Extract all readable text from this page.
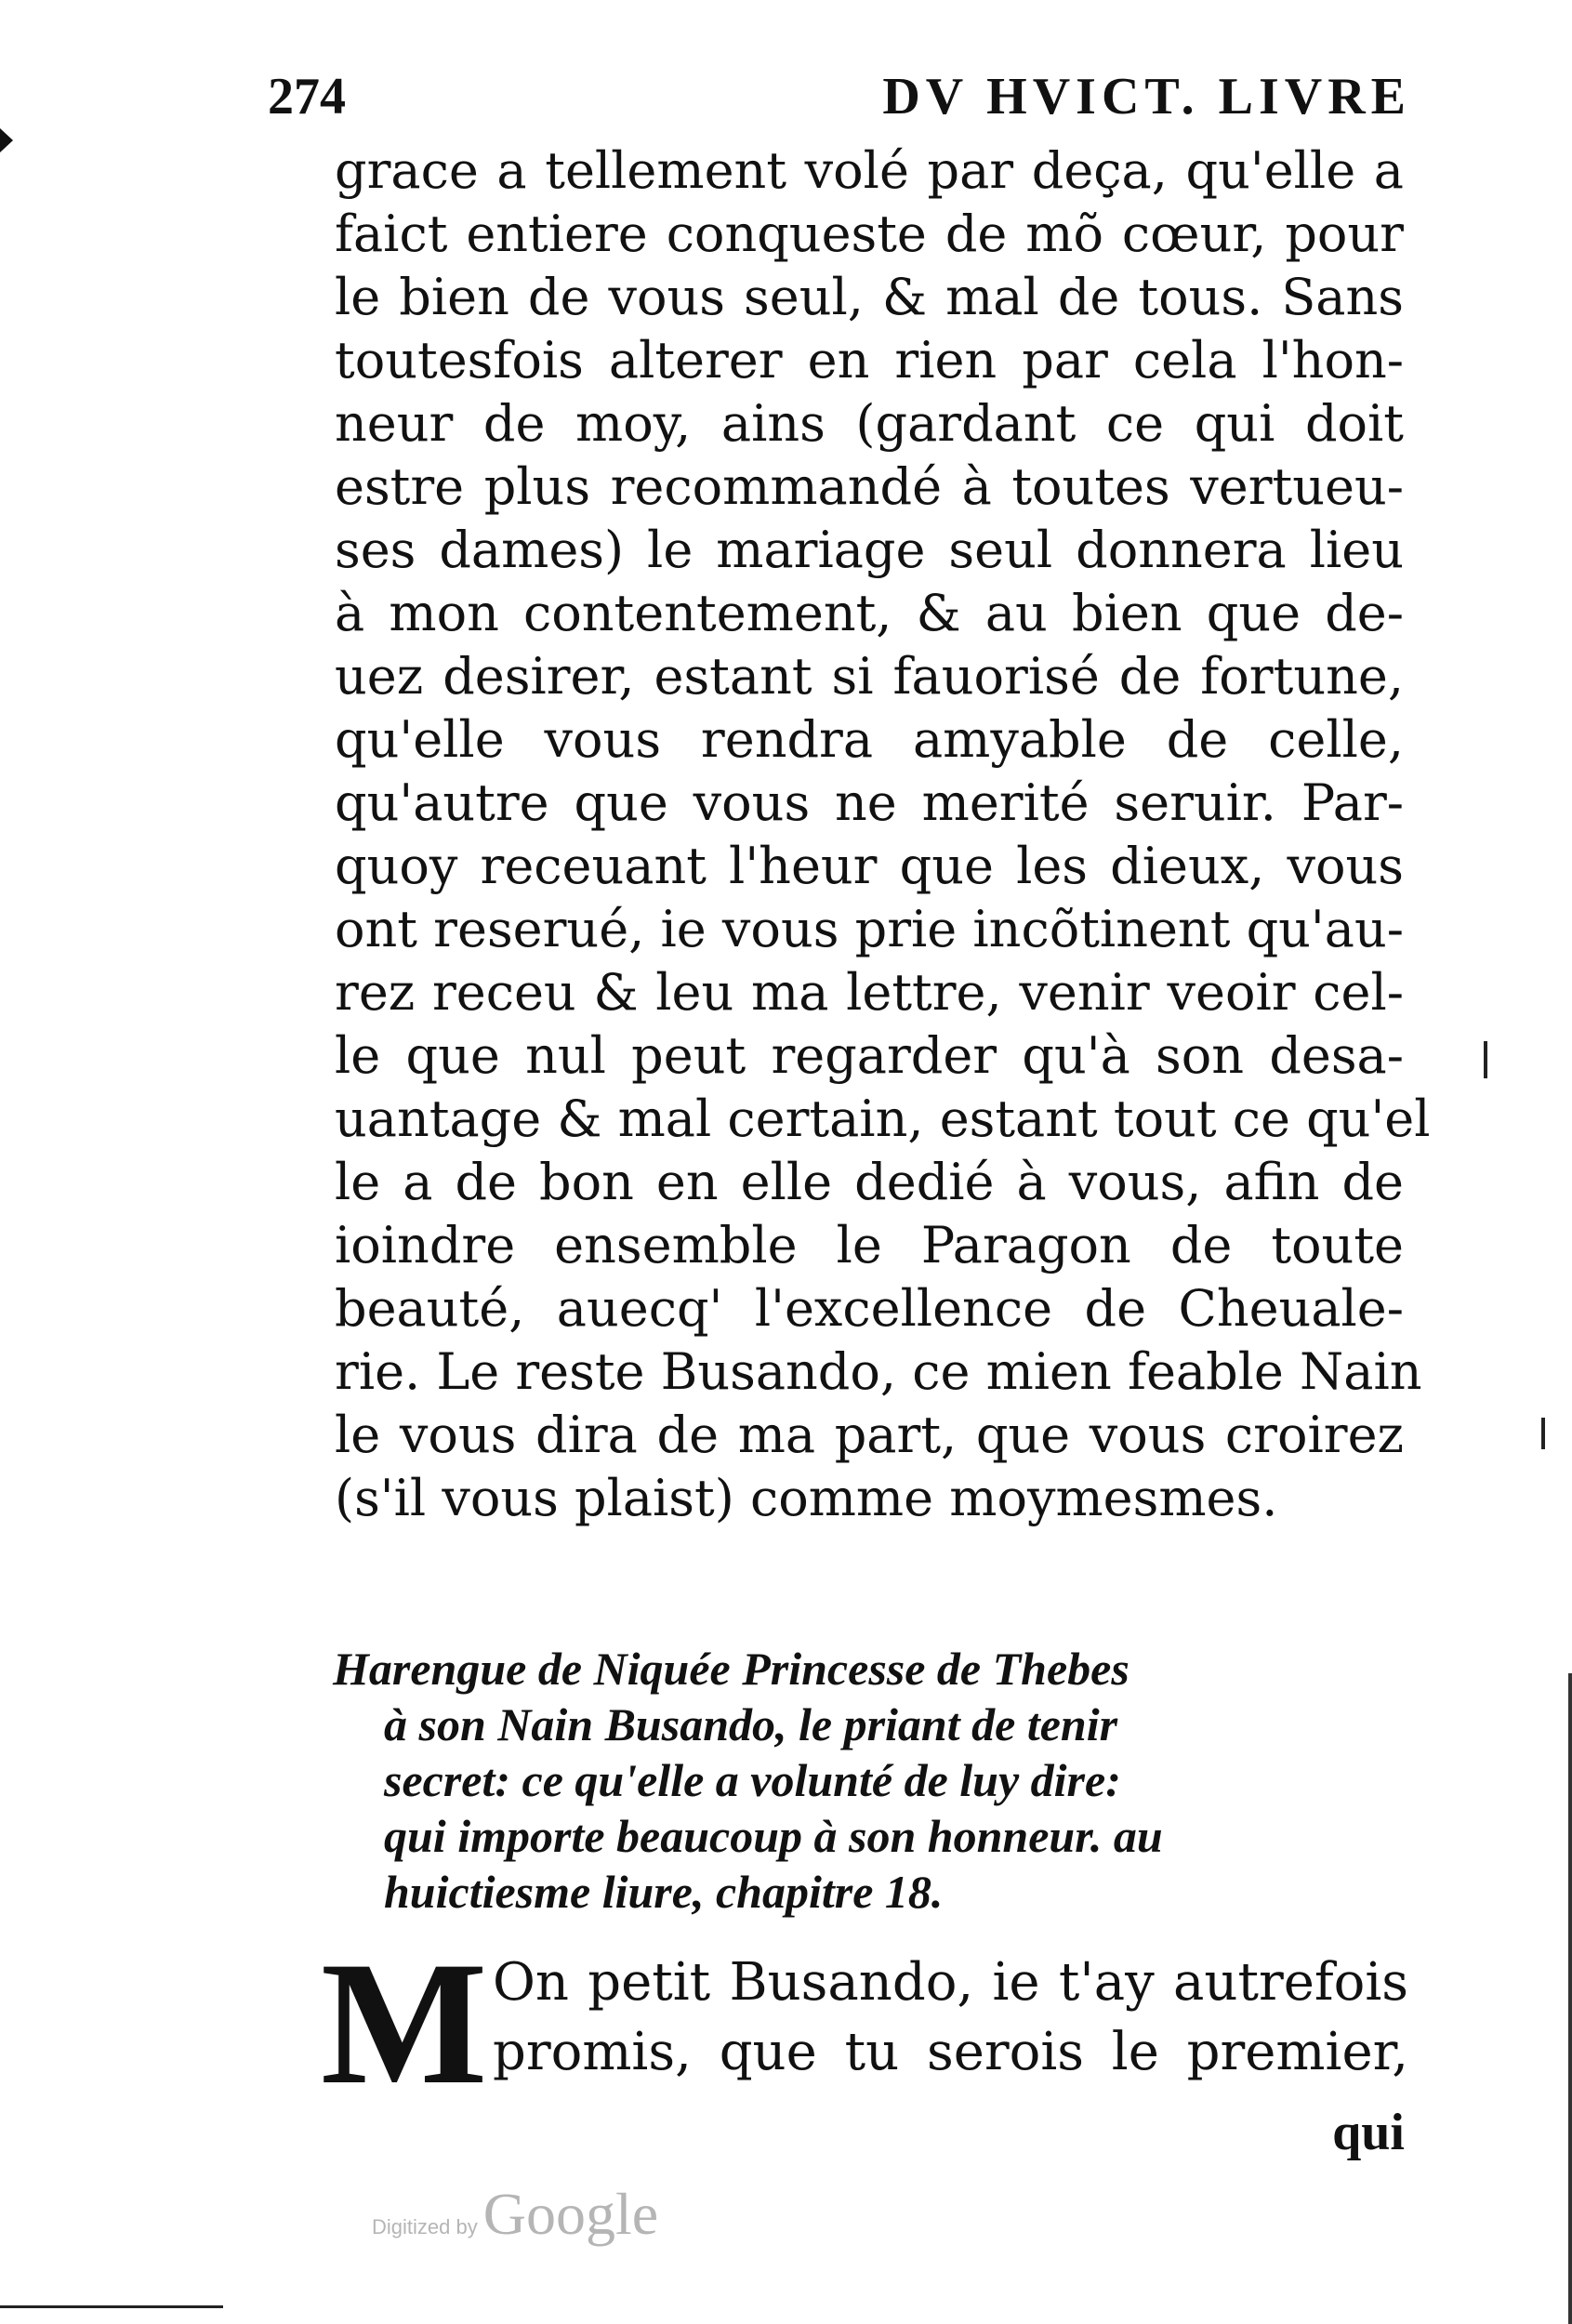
274	DV HVICT. LIVRE
grace a tellement volé par deça, qu'elle a
faict entiere conqueste de mõ cœur, pour
le bien de vous seul, & mal de tous. Sans
toutesfois alterer en rien par cela l'hon-
neur de moy, ains (gardant ce qui doit
estre plus recommandé à toutes vertueu-
ses dames) le mariage seul donnera lieu
à mon contentement, & au bien que de-
uez desirer, estant si fauorisé de fortune,
qu'elle vous rendra amyable de celle,
qu'autre que vous ne merité seruir. Par-
quoy receuant l'heur que les dieux, vous
ont reserué, ie vous prie incõtinent qu'au-
rez receu & leu ma lettre, venir veoir cel-
le que nul peut regarder qu'à son desa-
uantage & mal certain, estant tout ce qu'el
le a de bon en elle dedié à vous, afin de
ioindre ensemble le Paragon de toute
beauté, auecq' l'excellence de Cheuale-
rie. Le reste Busando, ce mien feable Nain
le vous dira de ma part, que vous croirez
(s'il vous plaist) comme moymesmes.
Harengue de Niquée Princesse de Thebes
à son Nain Busando, le priant de tenir
secret: ce qu'elle a volunté de luy dire:
qui importe beaucoup à son honneur. au
huictiesme liure, chapitre 18.
M On petit Busando, ie t'ay autrefois
promis, que tu serois le premier,
qui
Digitized by Google
